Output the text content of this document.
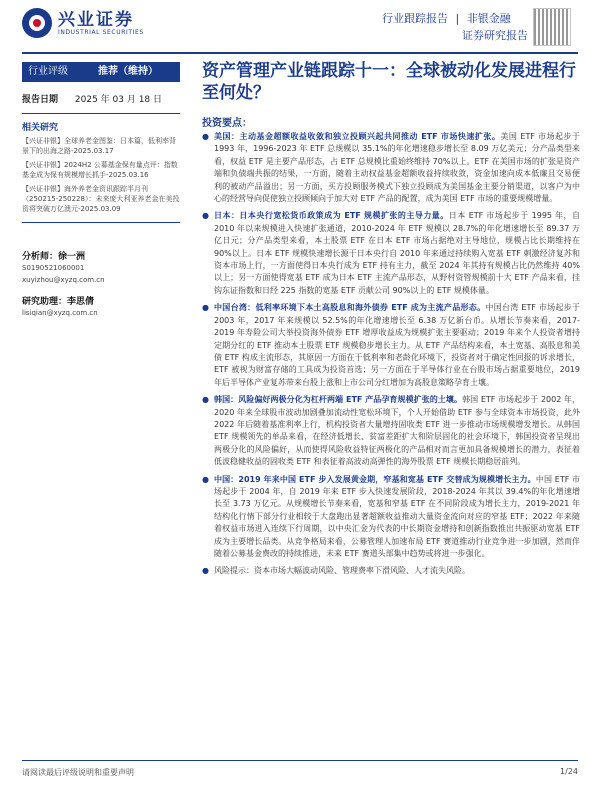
兴业证券
INDUSTRIAL SECURITIES
行业跟踪报告 | 非银金融
证券研究报告
行业评级	推荐（维持）
报告日期 2025 年 03 月 18 日
相关研究
【兴证非银】全球养老金图鉴：日本篇，低利率背景下的出海之路-2025.03.17
【兴证非银】2024H2 公募基金保有量点评：指数基金成为保有规模增长抓手-2025.03.16
【兴证非银】海外养老金资讯跟踪半月刊（250215-250228）：未来庞大利亚养老金在美投资将突破万亿澳元-2025.03.09
分析师：徐一洲
S0190521060001
xuyizhou@xyzq.com.cn
研究助理：李思倩
lisiqian@xyzq.com.cn
资产管理产业链跟踪十一：全球被动化发展进程行至何处？
投资要点：
● 美国：主动基金超额收益收敛和独立投顾兴起共同推动 ETF 市场快速扩张。美国 ETF 市场起步于 1993 年，1996-2023 年 ETF 总规模以 35.1%的年化增速稳步增长至 8.09 万亿美元；分产品类型来看，权益 ETF 是主要产品形态，占 ETF 总规模比重始终维持 70%以上。ETF 在美国市场的扩张是资产端和负债端共振的结果，一方面，随着主动权益基金超额收益持续收敛，资金加速向成本低廉且交易便利的被动产品溢出；另一方面，买方投顾服务模式下独立投顾成为美国基金主要分销渠道，以客户为中心的经营导向促使独立投顾倾向于加大对 ETF 产品的配置，成为美国 ETF 市场的重要规模增量。
● 日本：日本央行宽松货币政策成为 ETF 规模扩张的主导力量。日本 ETF 市场起步于 1995 年，自 2010 年以来规模进入快速扩张通道，2010-2024 年 ETF 规模以 28.7%的年化增速增长至 89.37 万亿日元；分产品类型来看，本土股票 ETF 在日本 ETF 市场占据绝对主导地位，规模占比长期维持在 90%以上。日本 ETF 规模快速增长源于日本央行自 2010 年来通过持续购入宽基 ETF 刺激经济复苏和资本市场上行，一方面使得日本央行成为 ETF 持有主力，截至 2024 年其持有规模占比仍然维持 40%以上；另一方面使得宽基 ETF 成为日本 ETF 主流产品形态，从野村资管规模前十大 ETF 产品来看，挂钩东证指数和日经 225 指数的宽基 ETF 贡献公司 90%以上的 ETF 规模体量。
● 中国台湾：低利率环境下本土高股息和海外债券 ETF 成为主流产品形态。中国台湾 ETF 市场起步于 2003 年，2017 年来规模以 52.5%的年化增速增长至 6.38 万亿新台币。从增长节奏来看，2017-2019 年寿险公司大举投资海外债券 ETF 增厚收益成为规模扩张主要驱动；2019 年来个人投资者增持定期分红的 ETF 推动本土股票 ETF 规模稳步增长主力。从 ETF 产品结构来看，本土宽基、高股息和美债 ETF 构成主流形态，其原因一方面在于低利率和老龄化环境下，投资者对于确定性回报的诉求增长，ETF 被视为财富存储的工具成为投资首选；另一方面在于半导体行业在台股市场占据重要地位，2019 年后半导体产业复苏带来台股上涨和上市公司分红增加为高股息策略孕育土壤。
● 韩国：风险偏好两极分化为杠杆两端 ETF 产品孕育规模扩张的土壤。韩国 ETF 市场起步于 2002 年，2020 年来全球股市波动加剧叠加流动性宽松环境下，个人开始借助 ETF 参与全球资本市场投资，此外 2022 年后随着基准利率上行，机构投资者大量增持固收类 ETF 进一步推动市场规模增发增长。从韩国 ETF 规模领先的单品来看，在经济低增长、贫富差距扩大和阶层固化的社会环境下，韩国投资者呈现出两极分化的风险偏好，从而使得风险收益特征两极化的产品相对而言更加具备规模增长的潜力，表征着低波稳健收益的固收类 ETF 和表征着高波动高弹性的海外股票 ETF 规模长期稳居前列。
● 中国：2019 年来中国 ETF 步入发展黄金期，窄基和宽基 ETF 交替成为规模增长主力。中国 ETF 市场起步于 2004 年，自 2019 年来 ETF 步入快速发展阶段，2018-2024 年其以 39.4%的年化增速增长至 3.73 万亿元。从规模增长节奏来看，宽基和窄基 ETF 在不同阶段成为增长主力，2019-2021 年结构化行情下部分行业相较于大盘跑出显著超额收益推动大量资金流向对应的窄基 ETF；2022 年来随着权益市场进入连续下行周期，以中央汇金为代表的中长期资金增持和创新指数推出共振驱动宽基 ETF 成为主要增长品类。从竞争格局来看，公募管理人加速布局 ETF 赛道推动行业竞争进一步加剧，然而伴随着公募基金费改的持续推进，未来 ETF 赛道头部集中趋势或将进一步强化。
● 风险提示：资本市场大幅波动风险、管理费率下滑风险、人才流失风险。
请阅读最后评级说明和重要声明	1/24
